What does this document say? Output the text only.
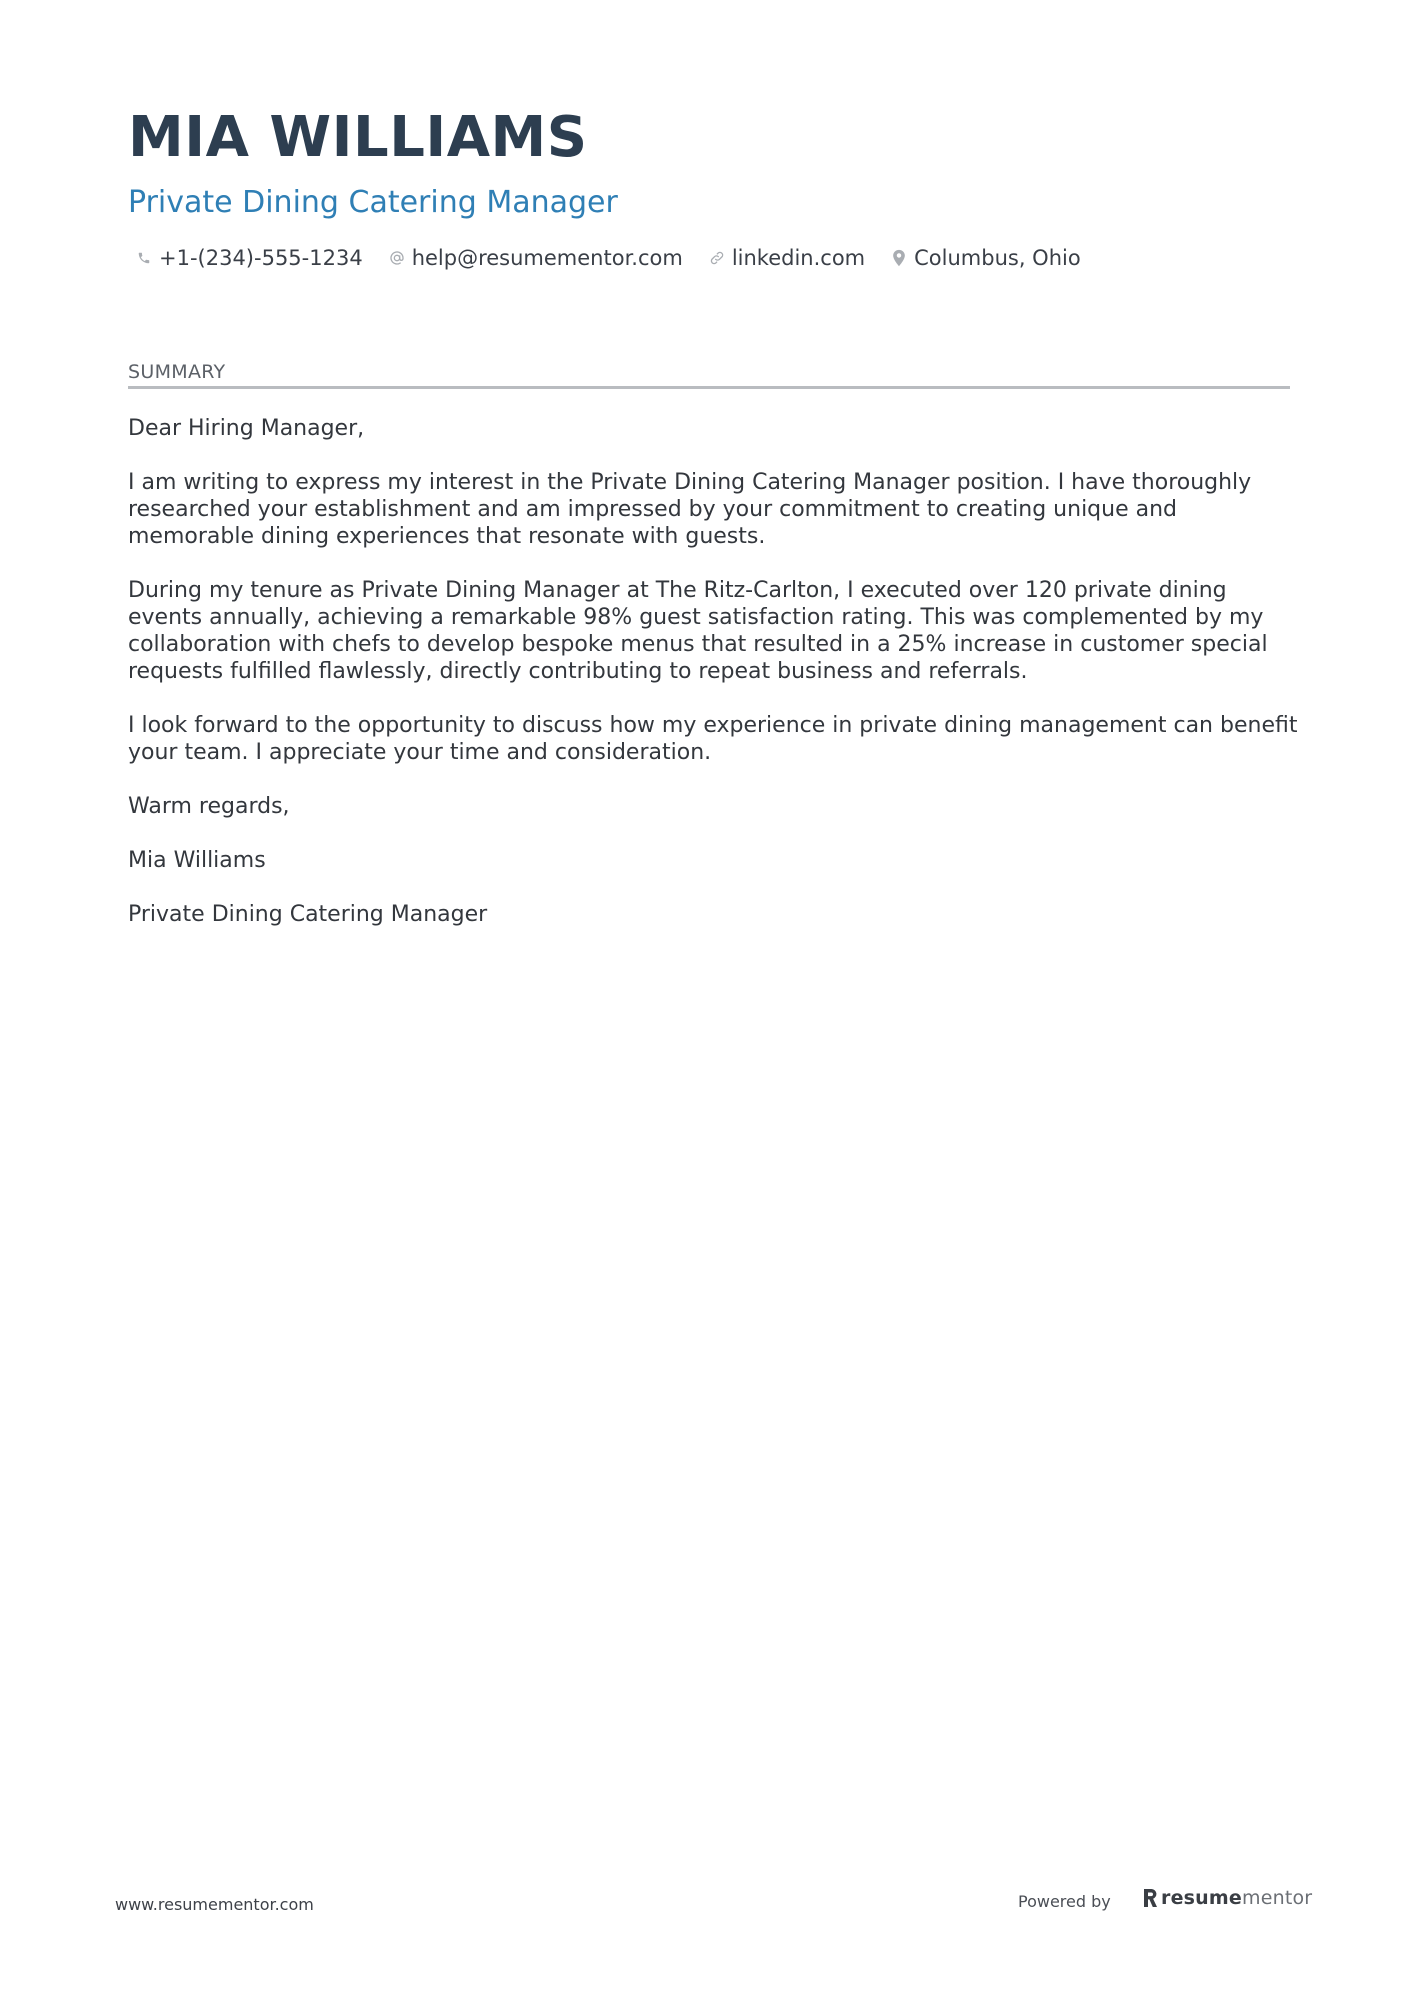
MIA WILLIAMS
Private Dining Catering Manager
+1-(234)-555-1234 help@resumementor.com linkedin.com Columbus, Ohio
SUMMARY

Dear Hiring Manager,

I am writing to express my interest in the Private Dining Catering Manager position. I have thoroughly researched your establishment and am impressed by your commitment to creating unique and memorable dining experiences that resonate with guests.

During my tenure as Private Dining Manager at The Ritz-Carlton, I executed over 120 private dining events annually, achieving a remarkable 98% guest satisfaction rating. This was complemented by my collaboration with chefs to develop bespoke menus that resulted in a 25% increase in customer special requests fulfilled flawlessly, directly contributing to repeat business and referrals.

I look forward to the opportunity to discuss how my experience in private dining management can benefit your team. I appreciate your time and consideration.

Warm regards,

Mia Williams

Private Dining Catering Manager

www.resumementor.com	Powered by	resume mentor
